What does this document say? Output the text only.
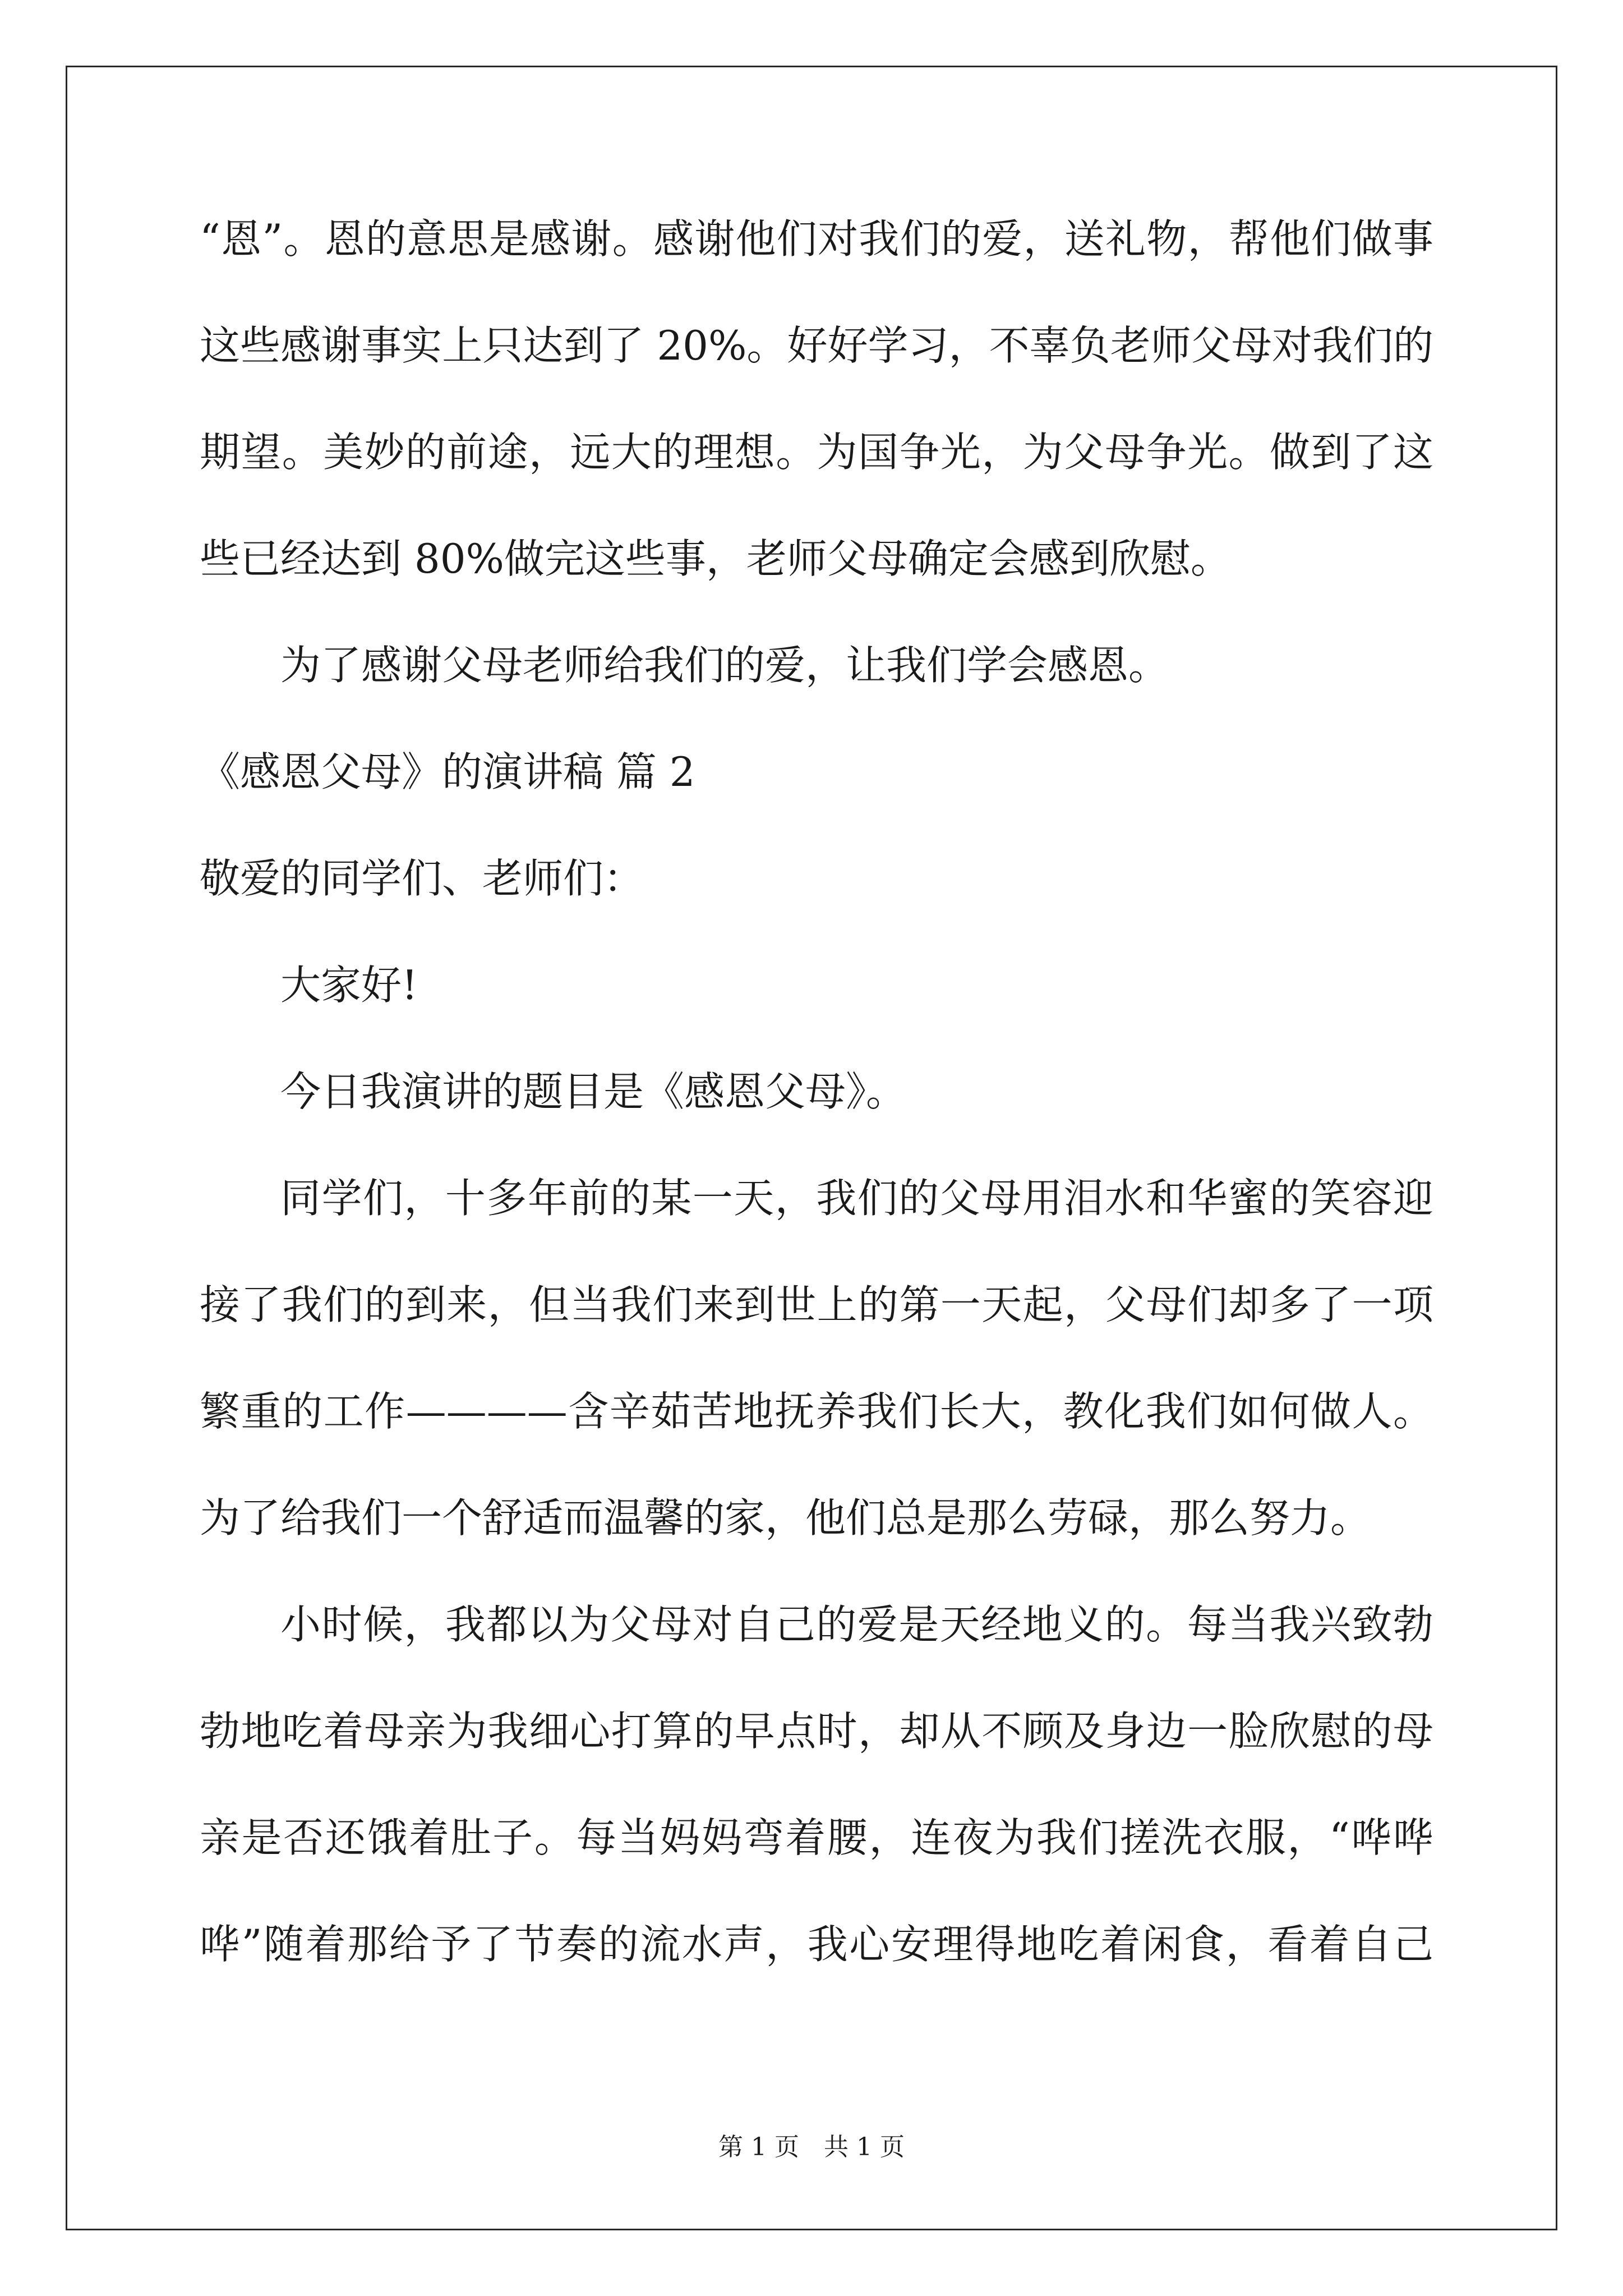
“恩”。恩的意思是感谢。感谢他们对我们的爱，送礼物，帮他们做事
这些感谢事实上只达到了 20%。好好学习，不辜负老师父母对我们的
期望。美妙的前途，远大的理想。为国争光，为父母争光。做到了这
些已经达到 80%做完这些事，老师父母确定会感到欣慰。
为了感谢父母老师给我们的爱，让我们学会感恩。
《感恩父母》的演讲稿 篇 2
敬爱的同学们、老师们：
大家好!
今日我演讲的题目是《感恩父母》。
同学们，十多年前的某一天，我们的父母用泪水和华蜜的笑容迎
接了我们的到来，但当我们来到世上的第一天起，父母们却多了一项
繁重的工作————含辛茹苦地抚养我们长大，教化我们如何做人。
为了给我们一个舒适而温馨的家，他们总是那么劳碌，那么努力。
小时候，我都以为父母对自己的爱是天经地义的。每当我兴致勃
勃地吃着母亲为我细心打算的早点时，却从不顾及身边一脸欣慰的母
亲是否还饿着肚子。每当妈妈弯着腰，连夜为我们搓洗衣服，“哗哗
哗”随着那给予了节奏的流水声，我心安理得地吃着闲食，看着自己
第 1 页　共 1 页
